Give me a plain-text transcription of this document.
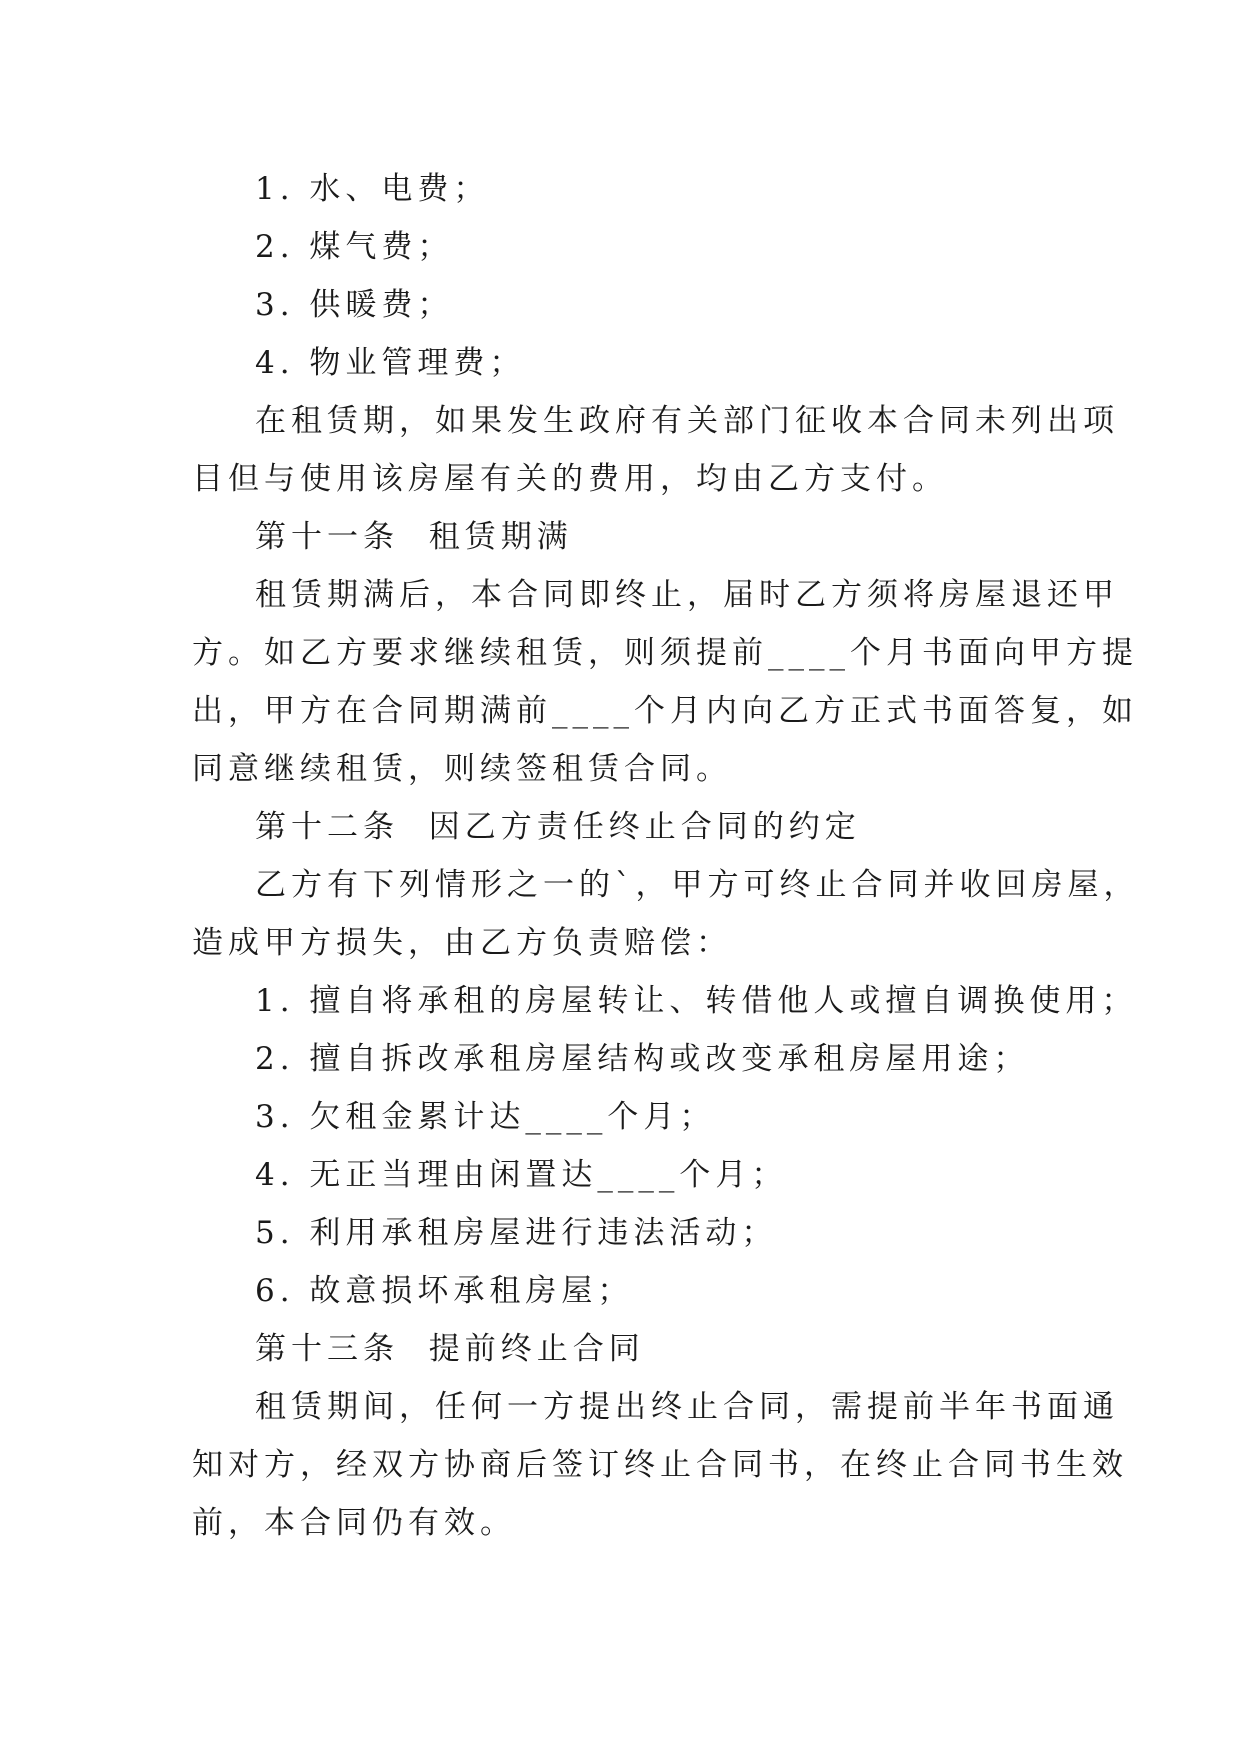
1. 水、电费；
2. 煤气费；
3. 供暖费；
4. 物业管理费；
在租赁期，如果发生政府有关部门征收本合同未列出项
目但与使用该房屋有关的费用，均由乙方支付。
第十一条  租赁期满
租赁期满后，本合同即终止，届时乙方须将房屋退还甲
方。如乙方要求继续租赁，则须提前____个月书面向甲方提
出，甲方在合同期满前____个月内向乙方正式书面答复，如
同意继续租赁，则续签租赁合同。
第十二条  因乙方责任终止合同的约定
乙方有下列情形之一的`，甲方可终止合同并收回房屋，
造成甲方损失，由乙方负责赔偿：
1. 擅自将承租的房屋转让、转借他人或擅自调换使用；
2. 擅自拆改承租房屋结构或改变承租房屋用途；
3. 欠租金累计达____个月；
4. 无正当理由闲置达____个月；
5. 利用承租房屋进行违法活动；
6. 故意损坏承租房屋；
第十三条  提前终止合同
租赁期间，任何一方提出终止合同，需提前半年书面通
知对方，经双方协商后签订终止合同书，在终止合同书生效
前，本合同仍有效。
